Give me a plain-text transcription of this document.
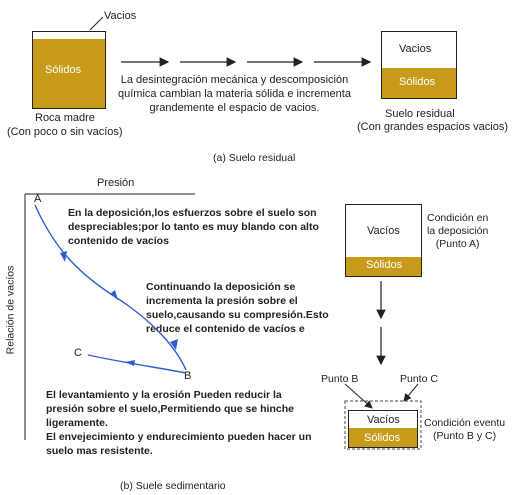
Vacios
Sólidos
Roca madre
(Con poco o sin vacíos)
La desintegración mecánica y descomposición
química cambian la materia sólida e incrementa
grandemente el espacio de vacios.
Vacios
Sólidos
Suelo residual
(Con grandes espacios vacios)
(a) Suelo residual
Presión
Relación de vacíos
A
C
B
En la deposición,los esfuerzos sobre el suelo son despreciables;por lo tanto es muy blando con alto contenido de vacíos
Continuando la deposición se incrementa la presión sobre el suelo,causando su compresión.Esto reduce el contenido de vacíos e
El levantamiento y la erosión Pueden reducir la presión sobre el suelo,Permitiendo que se hinche ligeramente.
El envejecimiento y endurecimiento pueden hacer un suelo mas resistente.
Vacíos
Sólidos
Condición en
la deposición
(Punto A)
Punto B	Punto C
Vacíos
Sólidos
Condición eventu
(Punto B y C)
(b) Suele sedimentario
